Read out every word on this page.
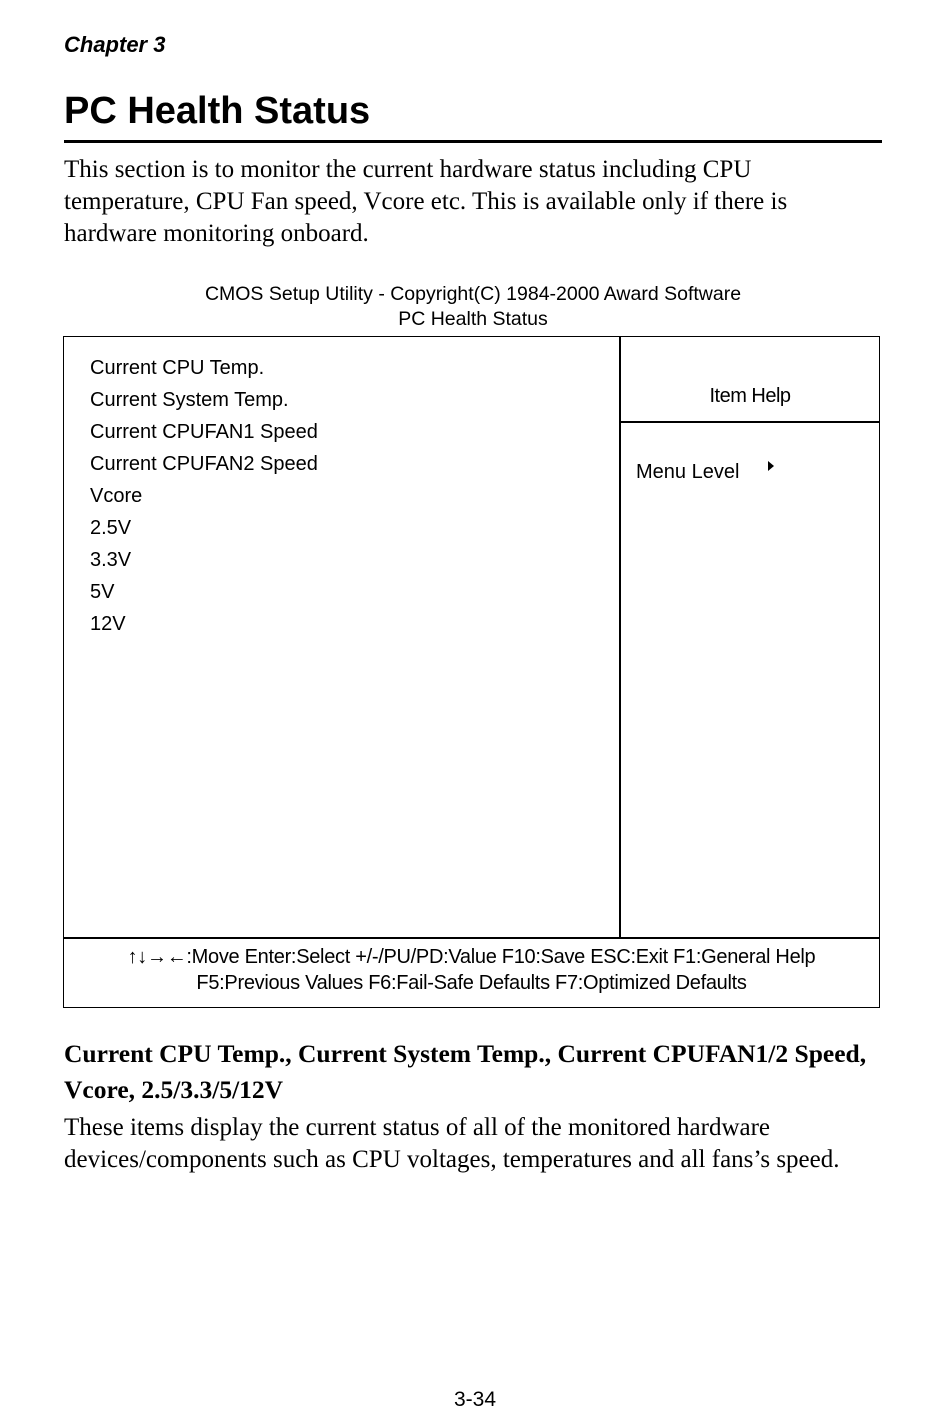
Chapter 3
PC Health Status

This section is to monitor the current hardware status including CPU temperature, CPU Fan speed, Vcore etc. This is available only if there is hardware monitoring onboard.

CMOS Setup Utility - Copyright(C) 1984-2000 Award Software
PC Health Status
Current CPU Temp.
Current System Temp.
Current CPUFAN1 Speed
Current CPUFAN2 Speed
Vcore
2.5V
3.3V
5V
12V
Item Help
Menu Level
↑↓→←:Move Enter:Select +/-/PU/PD:Value F10:Save ESC:Exit F1:General Help
F5:Previous Values F6:Fail-Safe Defaults F7:Optimized Defaults
Current CPU Temp., Current System Temp., Current CPUFAN1/2 Speed, Vcore, 2.5/3.3/5/12V

These items display the current status of all of the monitored hardware devices/components such as CPU voltages, temperatures and all fans’s speed.

3-34
